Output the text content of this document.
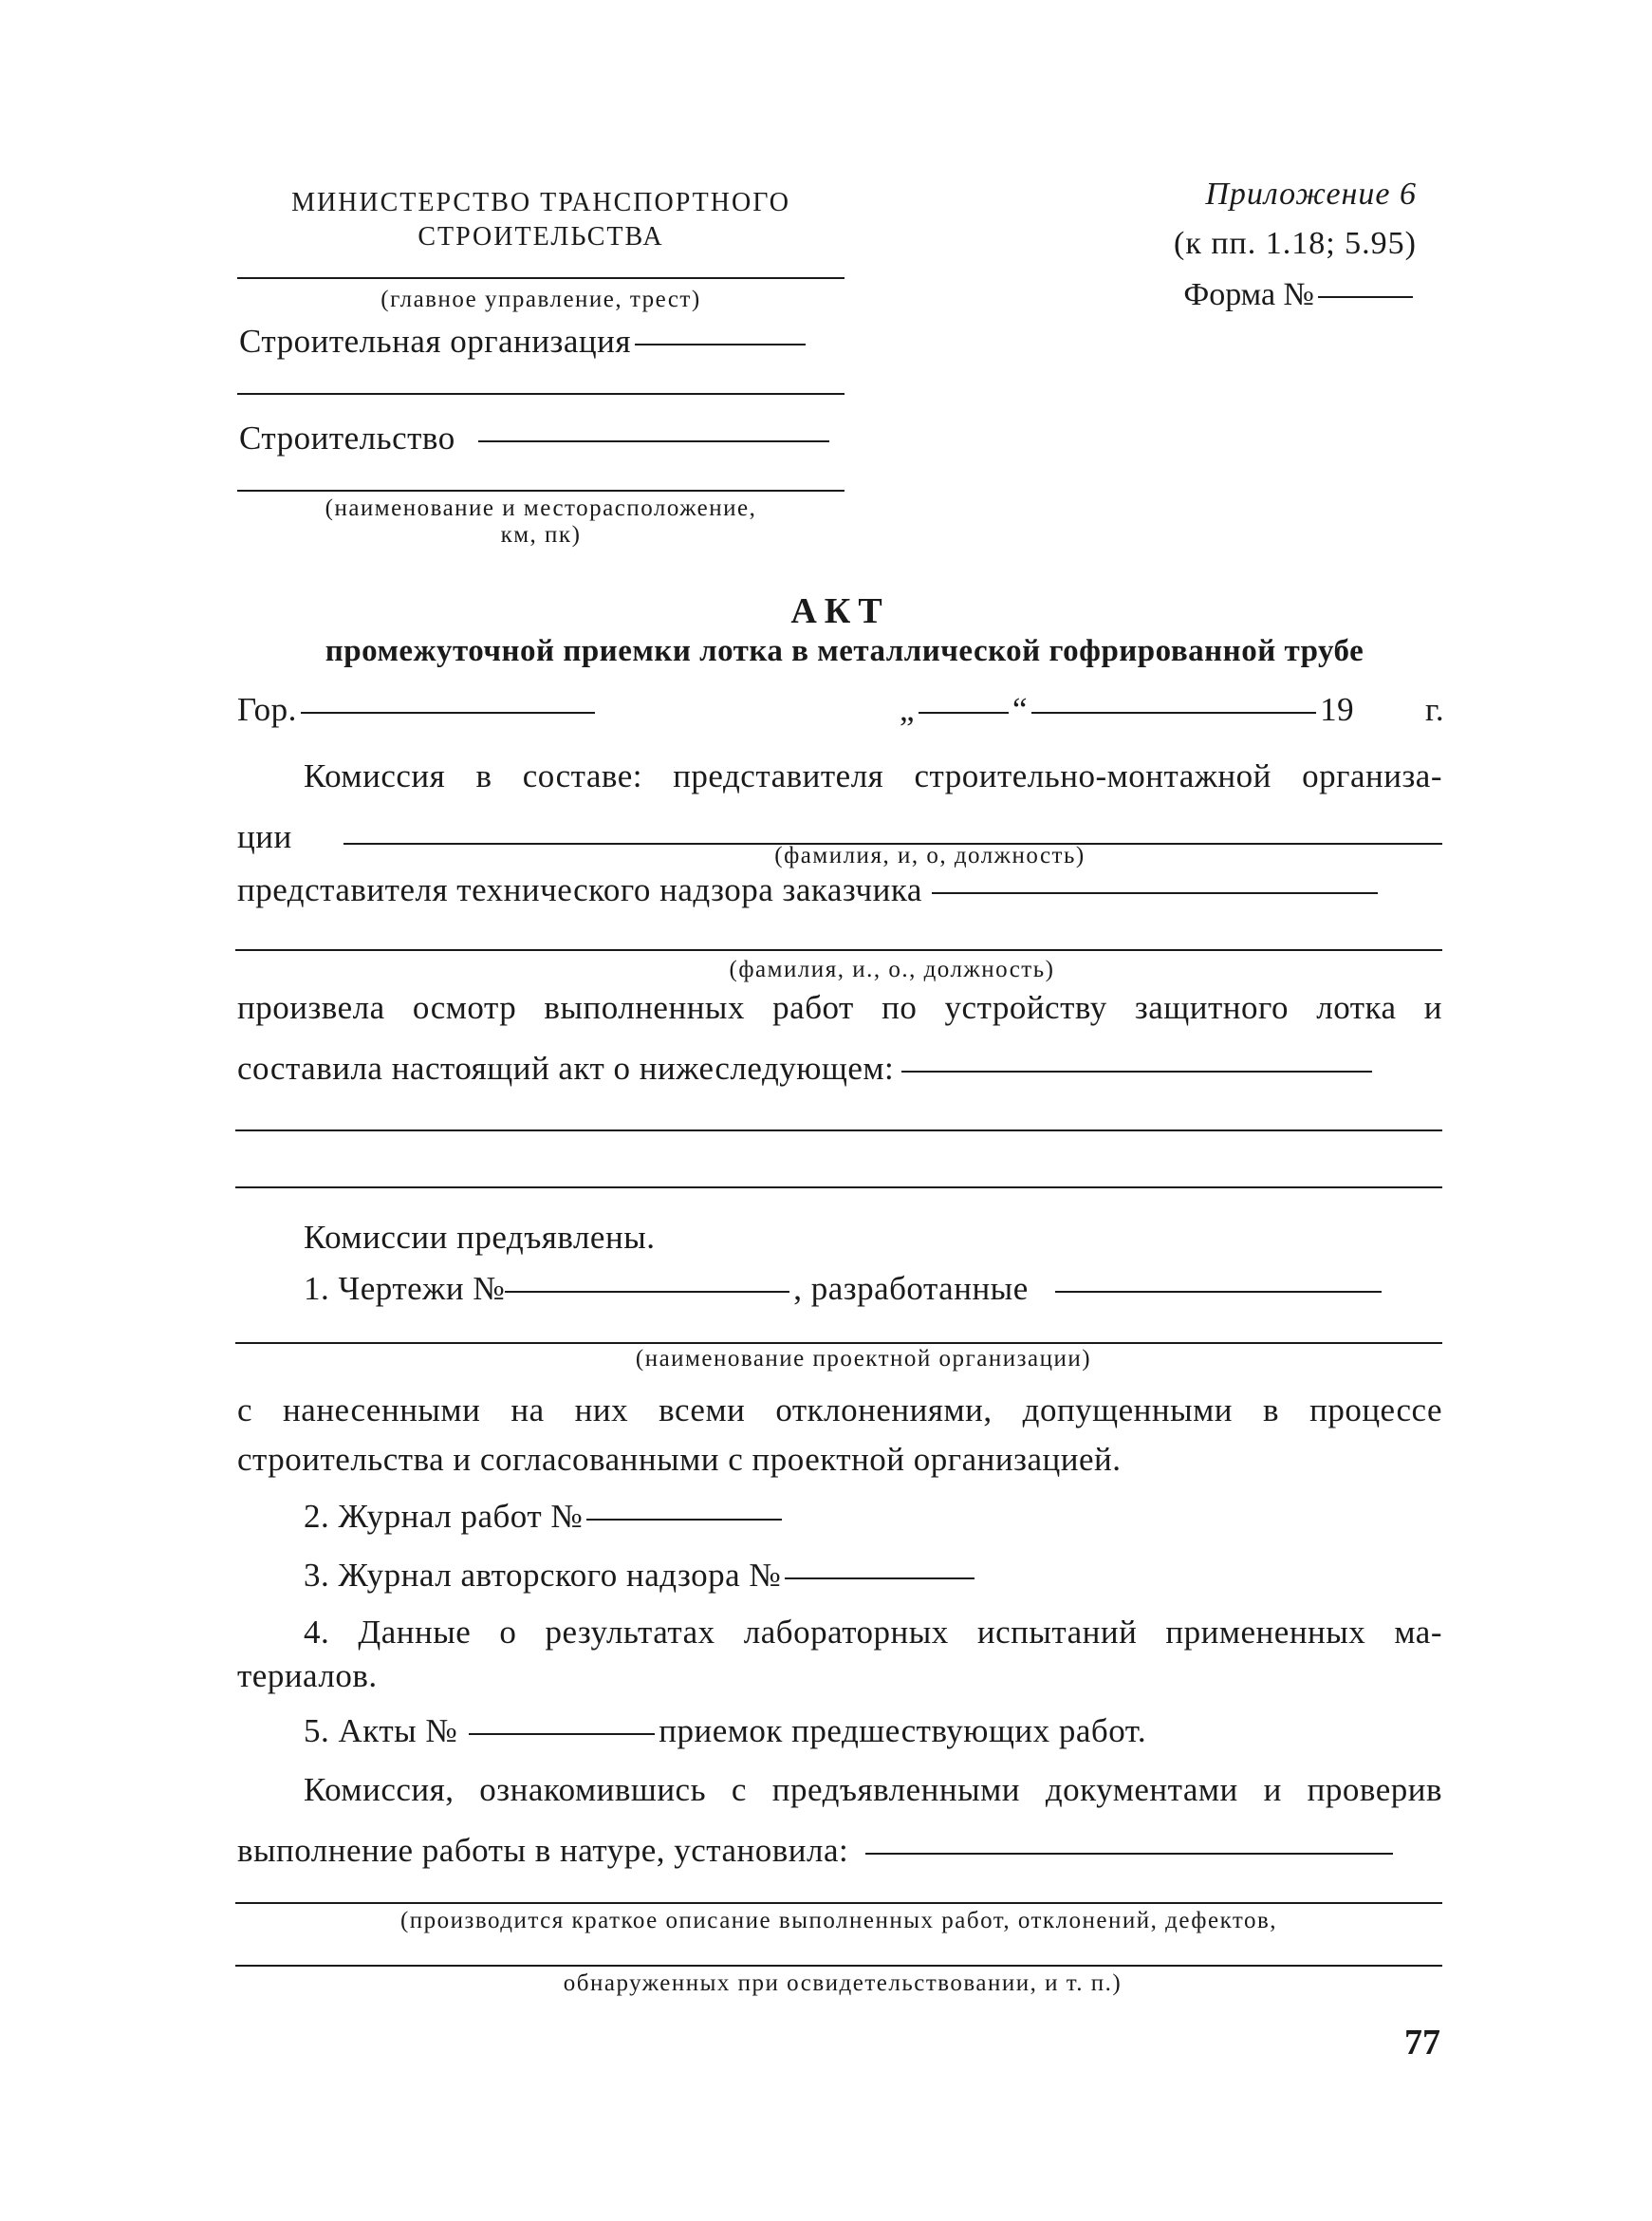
МИНИСТЕРСТВО ТРАНСПОРТНОГО
СТРОИТЕЛЬСТВА
(главное управление, трест)
Строительная организация
Строительство
(наименование и месторасположение,
км, пк)
Приложение 6
(к пп. 1.18; 5.95)
Форма №
АКТ
промежуточной приемки лотка в металлической гофрированной трубе
Гор.	„	“	19 г.
Комиссия в составе: представителя строительно-монтажной организа-
ции
(фамилия, и, о, должность)
представителя технического надзора заказчика
(фамилия, и., о., должность)
произвела осмотр выполненных работ по устройству защитного лотка и
составила настоящий акт о нижеследующем:
Комиссии предъявлены.
1. Чертежи №	, разработанные
(наименование проектной организации)
с нанесенными на них всеми отклонениями, допущенными в процессе
строительства и согласованными с проектной организацией.
2. Журнал работ №
3. Журнал авторского надзора №
4. Данные о результатах лабораторных испытаний примененных ма-
териалов.
5. Акты №	приемок предшествующих работ.
Комиссия, ознакомившись с предъявленными документами и проверив
выполнение работы в натуре, установила:
(производится краткое описание выполненных работ, отклонений, дефектов,
обнаруженных при освидетельствовании, и т. п.)
77
